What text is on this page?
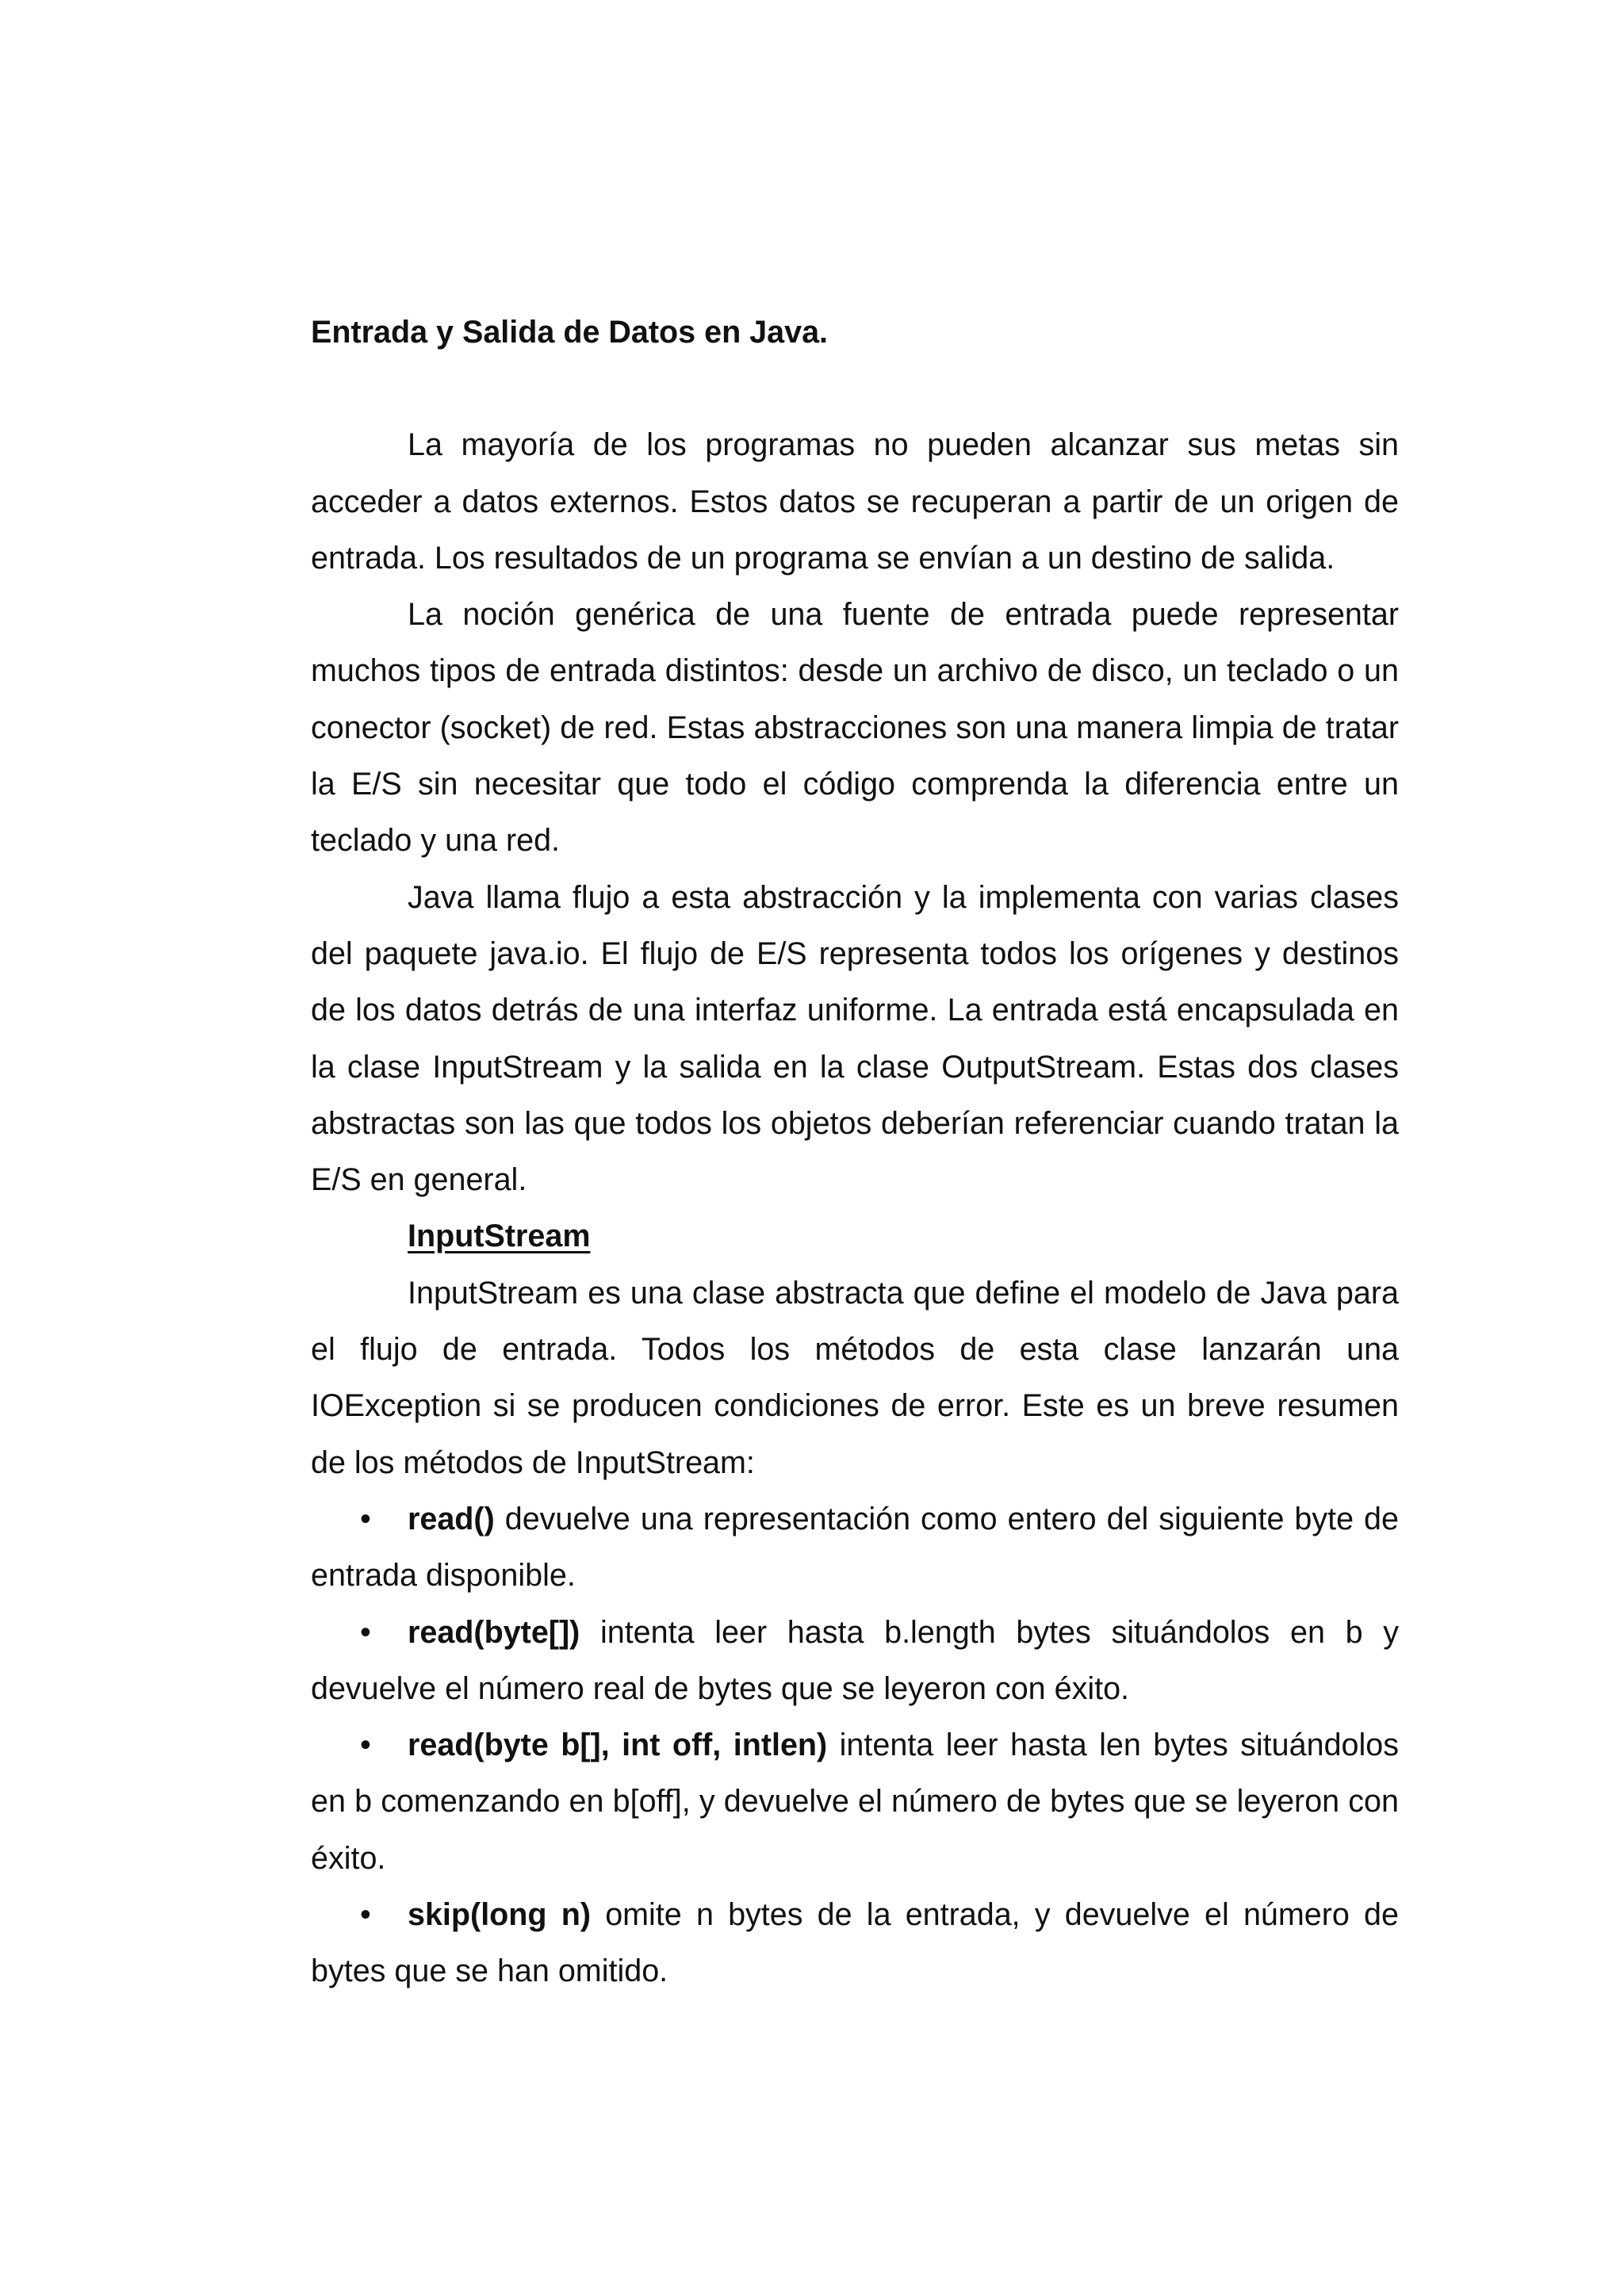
Entrada y Salida de Datos en Java.

La mayoría de los programas no pueden alcanzar sus metas sin acceder a datos externos. Estos datos se recuperan a partir de un origen de entrada. Los resultados de un programa se envían a un destino de salida.

La noción genérica de una fuente de entrada puede representar muchos tipos de entrada distintos: desde un archivo de disco, un teclado o un conector (socket) de red. Estas abstracciones son una manera limpia de tratar la E/S sin necesitar que todo el código comprenda la diferencia entre un teclado y una red.

Java llama flujo a esta abstracción y la implementa con varias clases del paquete java.io. El flujo de E/S representa todos los orígenes y destinos de los datos detrás de una interfaz uniforme. La entrada está encapsulada en la clase InputStream y la salida en la clase OutputStream. Estas dos clases abstractas son las que todos los objetos deberían referenciar cuando tratan la E/S en general.

InputStream

InputStream es una clase abstracta que define el modelo de Java para el flujo de entrada. Todos los métodos de esta clase lanzarán una IOException si se producen condiciones de error. Este es un breve resumen de los métodos de InputStream:

• read() devuelve una representación como entero del siguiente byte de entrada disponible.

• read(byte[]) intenta leer hasta b.length bytes situándolos en b y devuelve el número real de bytes que se leyeron con éxito.

• read(byte b[], int off, intlen) intenta leer hasta len bytes situándolos en b comenzando en b[off], y devuelve el número de bytes que se leyeron con éxito.

• skip(long n) omite n bytes de la entrada, y devuelve el número de bytes que se han omitido.
